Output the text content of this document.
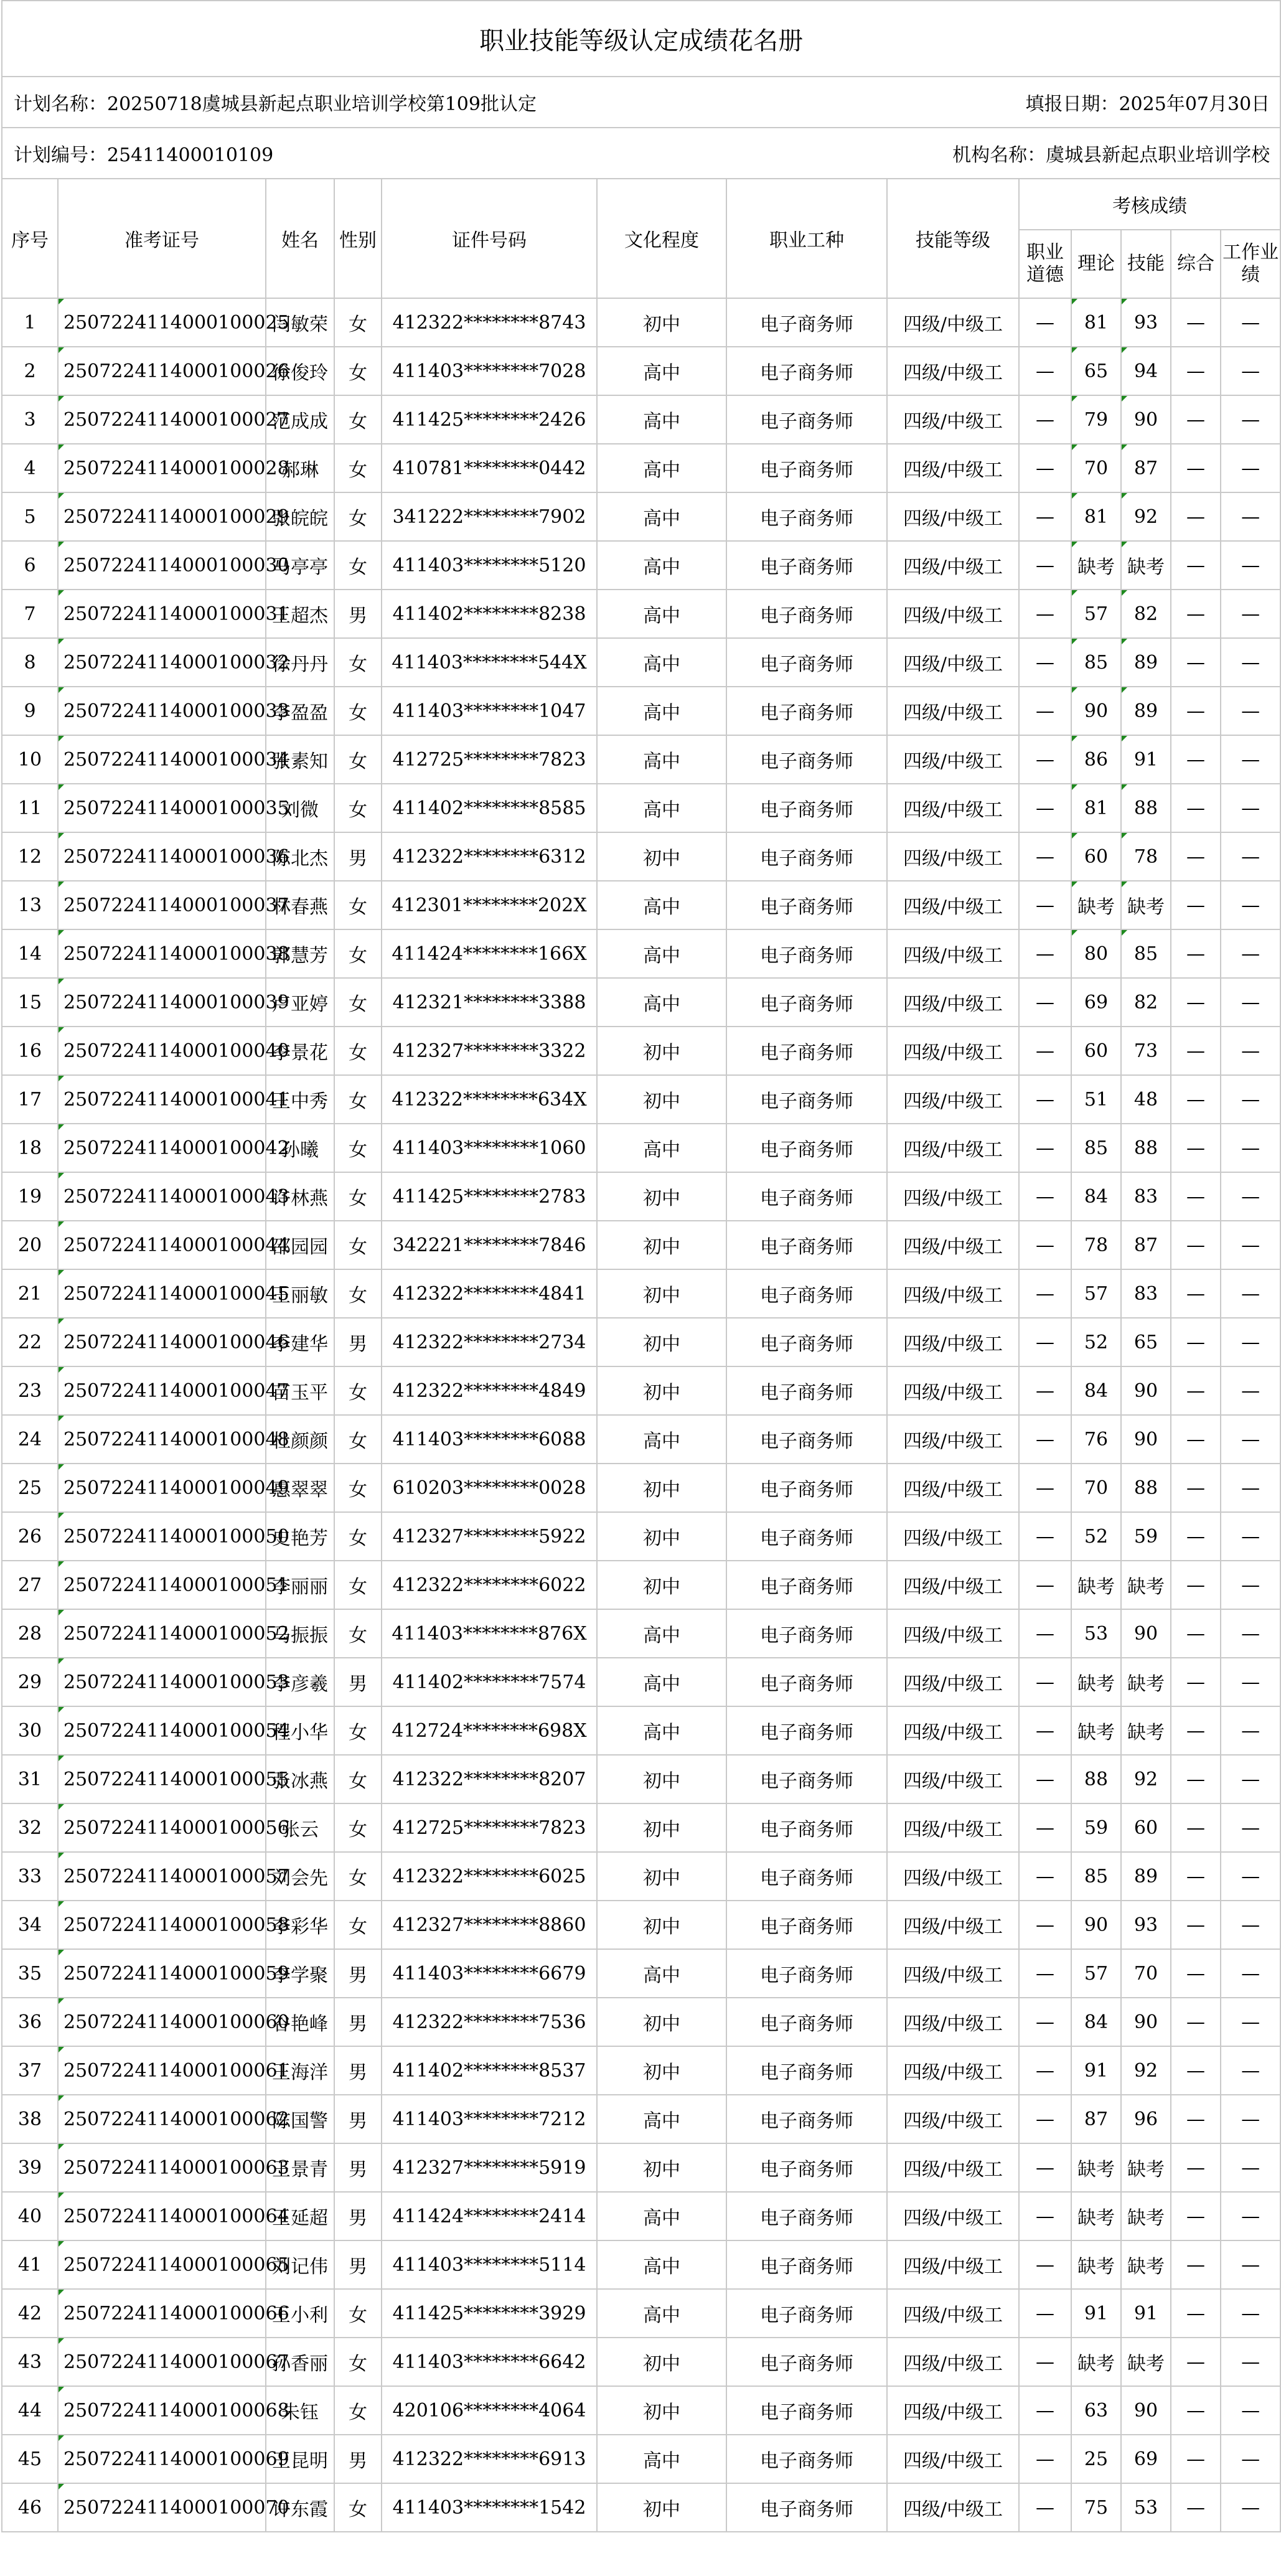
职业技能等级认定成绩花名册												
计划名称：20250718虞城县新起点职业培训学校第109批认定							填报日期：2025年07月30日					
计划编号：25411400010109							机构名称：虞城县新起点职业培训学校					
序号	准考证号	姓名	性别	证件号码	文化程度	职业工种	技能等级	考核成绩				
								职业道德	理论	技能	综合	工作业绩
1	2507224114000100025	闫敏荣	女	412322********8743	初中	电子商务师	四级/中级工	—	81	93	—	—
2	2507224114000100026	徐俊玲	女	411403********7028	高中	电子商务师	四级/中级工	—	65	94	—	—
3	2507224114000100027	范成成	女	411425********2426	高中	电子商务师	四级/中级工	—	79	90	—	—
4	2507224114000100028	郝琳	女	410781********0442	高中	电子商务师	四级/中级工	—	70	87	—	—
5	2507224114000100029	张皖皖	女	341222********7902	高中	电子商务师	四级/中级工	—	81	92	—	—
6	2507224114000100030	马亭亭	女	411403********5120	高中	电子商务师	四级/中级工	—	缺考	缺考	—	—
7	2507224114000100031	王超杰	男	411402********8238	高中	电子商务师	四级/中级工	—	57	82	—	—
8	2507224114000100032	徐丹丹	女	411403********544X	高中	电子商务师	四级/中级工	—	85	89	—	—
9	2507224114000100033	李盈盈	女	411403********1047	高中	电子商务师	四级/中级工	—	90	89	—	—
10	2507224114000100034	张素知	女	412725********7823	高中	电子商务师	四级/中级工	—	86	91	—	—
11	2507224114000100035	刘微	女	411402********8585	高中	电子商务师	四级/中级工	—	81	88	—	—
12	2507224114000100036	陈北杰	男	412322********6312	初中	电子商务师	四级/中级工	—	60	78	—	—
13	2507224114000100037	林春燕	女	412301********202X	高中	电子商务师	四级/中级工	—	缺考	缺考	—	—
14	2507224114000100038	郭慧芳	女	411424********166X	高中	电子商务师	四级/中级工	—	80	85	—	—
15	2507224114000100039	卢亚婷	女	412321********3388	高中	电子商务师	四级/中级工	—	69	82	—	—
16	2507224114000100040	李景花	女	412327********3322	初中	电子商务师	四级/中级工	—	60	73	—	—
17	2507224114000100041	王中秀	女	412322********634X	初中	电子商务师	四级/中级工	—	51	48	—	—
18	2507224114000100042	孙曦	女	411403********1060	高中	电子商务师	四级/中级工	—	85	88	—	—
19	2507224114000100043	许林燕	女	411425********2783	初中	电子商务师	四级/中级工	—	84	83	—	—
20	2507224114000100044	邵园园	女	342221********7846	初中	电子商务师	四级/中级工	—	78	87	—	—
21	2507224114000100045	王丽敏	女	412322********4841	初中	电子商务师	四级/中级工	—	57	83	—	—
22	2507224114000100046	李建华	男	412322********2734	初中	电子商务师	四级/中级工	—	52	65	—	—
23	2507224114000100047	苗玉平	女	412322********4849	初中	电子商务师	四级/中级工	—	84	90	—	—
24	2507224114000100048	杜颜颜	女	411403********6088	高中	电子商务师	四级/中级工	—	76	90	—	—
25	2507224114000100049	惠翠翠	女	610203********0028	初中	电子商务师	四级/中级工	—	70	88	—	—
26	2507224114000100050	史艳芳	女	412327********5922	初中	电子商务师	四级/中级工	—	52	59	—	—
27	2507224114000100051	李丽丽	女	412322********6022	初中	电子商务师	四级/中级工	—	缺考	缺考	—	—
28	2507224114000100052	马振振	女	411403********876X	高中	电子商务师	四级/中级工	—	53	90	—	—
29	2507224114000100053	李彦羲	男	411402********7574	高中	电子商务师	四级/中级工	—	缺考	缺考	—	—
30	2507224114000100054	程小华	女	412724********698X	高中	电子商务师	四级/中级工	—	缺考	缺考	—	—
31	2507224114000100055	张冰燕	女	412322********8207	初中	电子商务师	四级/中级工	—	88	92	—	—
32	2507224114000100056	张云	女	412725********7823	初中	电子商务师	四级/中级工	—	59	60	—	—
33	2507224114000100057	刘会先	女	412322********6025	初中	电子商务师	四级/中级工	—	85	89	—	—
34	2507224114000100058	李彩华	女	412327********8860	初中	电子商务师	四级/中级工	—	90	93	—	—
35	2507224114000100059	李学聚	男	411403********6679	高中	电子商务师	四级/中级工	—	57	70	—	—
36	2507224114000100060	谷艳峰	男	412322********7536	初中	电子商务师	四级/中级工	—	84	90	—	—
37	2507224114000100061	王海洋	男	411402********8537	初中	电子商务师	四级/中级工	—	91	92	—	—
38	2507224114000100062	陈国警	男	411403********7212	高中	电子商务师	四级/中级工	—	87	96	—	—
39	2507224114000100063	王景青	男	412327********5919	初中	电子商务师	四级/中级工	—	缺考	缺考	—	—
40	2507224114000100064	王延超	男	411424********2414	高中	电子商务师	四级/中级工	—	缺考	缺考	—	—
41	2507224114000100065	刘记伟	男	411403********5114	高中	电子商务师	四级/中级工	—	缺考	缺考	—	—
42	2507224114000100066	王小利	女	411425********3929	高中	电子商务师	四级/中级工	—	91	91	—	—
43	2507224114000100067	孙香丽	女	411403********6642	初中	电子商务师	四级/中级工	—	缺考	缺考	—	—
44	2507224114000100068	朱钰	女	420106********4064	初中	电子商务师	四级/中级工	—	63	90	—	—
45	2507224114000100069	王昆明	男	412322********6913	高中	电子商务师	四级/中级工	—	25	69	—	—
46	2507224114000100070	许东霞	女	411403********1542	初中	电子商务师	四级/中级工	—	75	53	—	—
